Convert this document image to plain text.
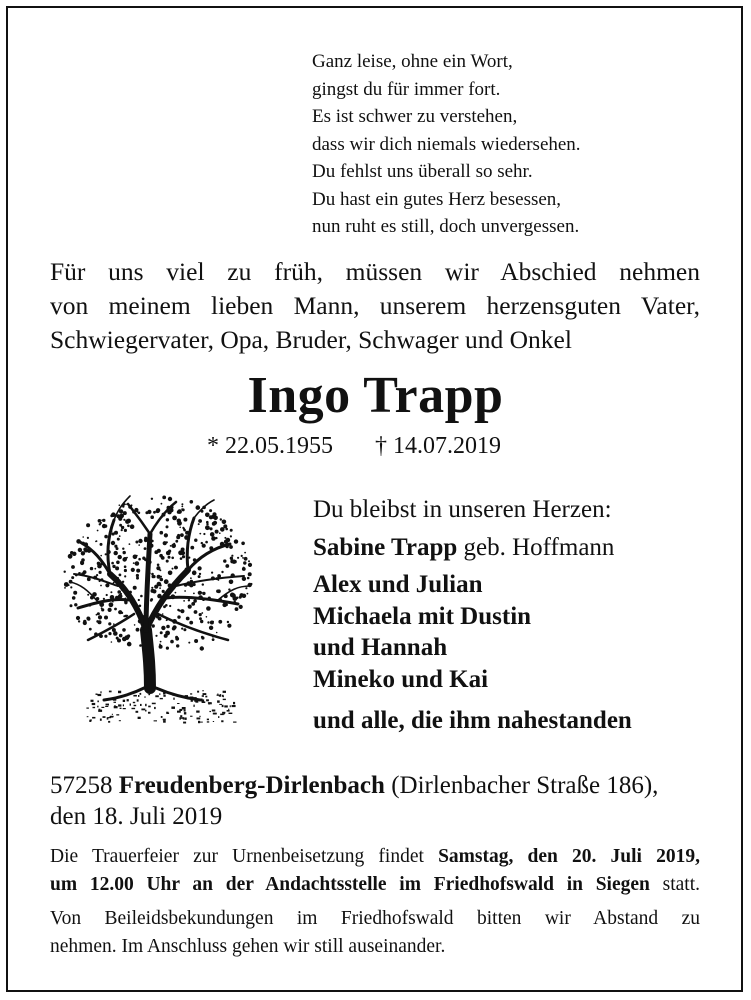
Ganz leise, ohne ein Wort,
gingst du für immer fort.
Es ist schwer zu verstehen,
dass wir dich niemals wiedersehen.
Du fehlst uns überall so sehr.
Du hast ein gutes Herz besessen,
nun ruht es still, doch unvergessen.
Für uns viel zu früh, müssen wir Abschied nehmen
von meinem lieben Mann, unserem herzensguten Vater,
Schwiegervater, Opa, Bruder, Schwager und Onkel
Ingo Trapp
* 22.05.1955 † 14.07.2019
Du bleibst in unseren Herzen:
Sabine Trapp geb. Hoffmann
Alex und Julian
Michaela mit Dustin
und Hannah
Mineko und Kai
und alle, die ihm nahestanden
57258 Freudenberg-Dirlenbach (Dirlenbacher Straße 186),
den 18. Juli 2019
Die Trauerfeier zur Urnenbeisetzung findet Samstag, den 20. Juli 2019,
um 12.00 Uhr an der Andachtsstelle im Friedhofswald in Siegen statt.
Von Beileidsbekundungen im Friedhofswald bitten wir Abstand zu
nehmen. Im Anschluss gehen wir still auseinander.
